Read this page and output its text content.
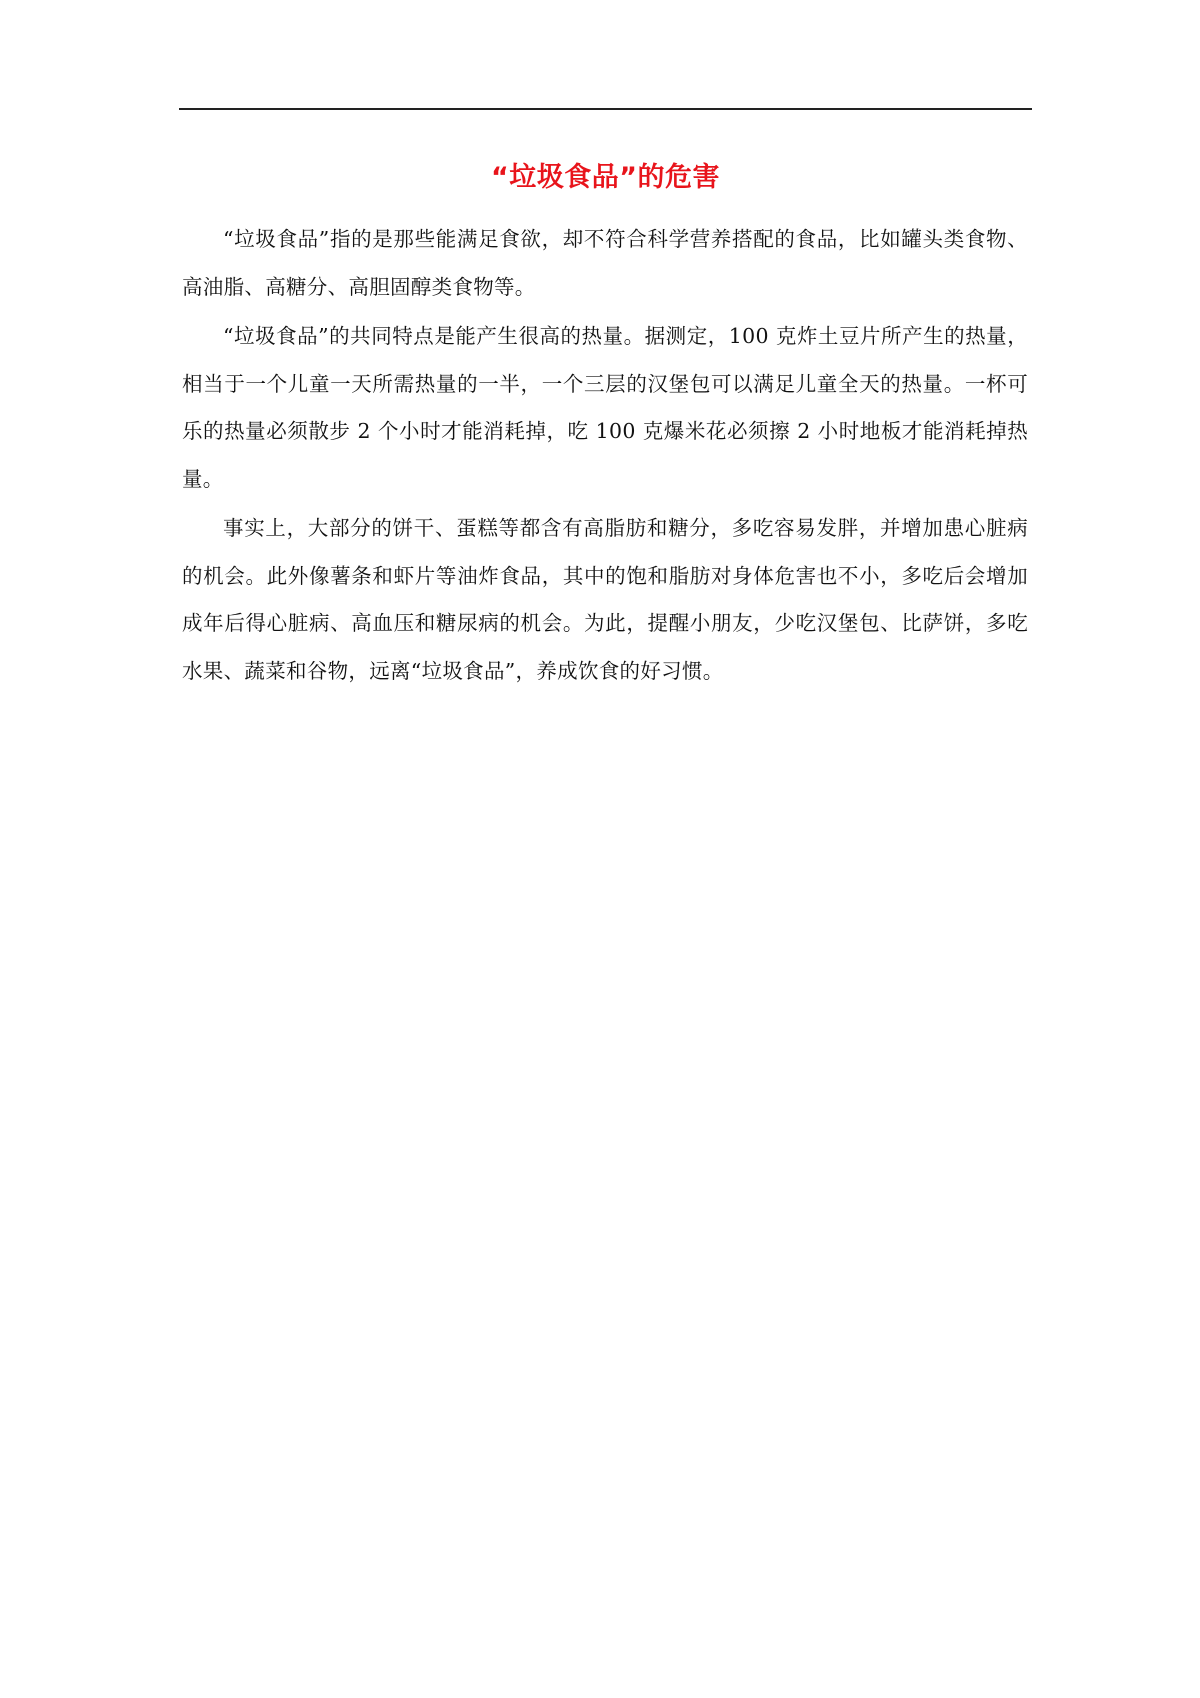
“垃圾食品”的危害

“垃圾食品”指的是那些能满足食欲，却不符合科学营养搭配的食品，比如罐头类食物、高油脂、高糖分、高胆固醇类食物等。

“垃圾食品”的共同特点是能产生很高的热量。据测定，100 克炸土豆片所产生的热量，相当于一个儿童一天所需热量的一半，一个三层的汉堡包可以满足儿童全天的热量。一杯可乐的热量必须散步 2 个小时才能消耗掉，吃 100 克爆米花必须擦 2 小时地板才能消耗掉热量。

事实上，大部分的饼干、蛋糕等都含有高脂肪和糖分，多吃容易发胖，并增加患心脏病的机会。此外像薯条和虾片等油炸食品，其中的饱和脂肪对身体危害也不小，多吃后会增加成年后得心脏病、高血压和糖尿病的机会。为此，提醒小朋友，少吃汉堡包、比萨饼，多吃水果、蔬菜和谷物，远离“垃圾食品”，养成饮食的好习惯。
